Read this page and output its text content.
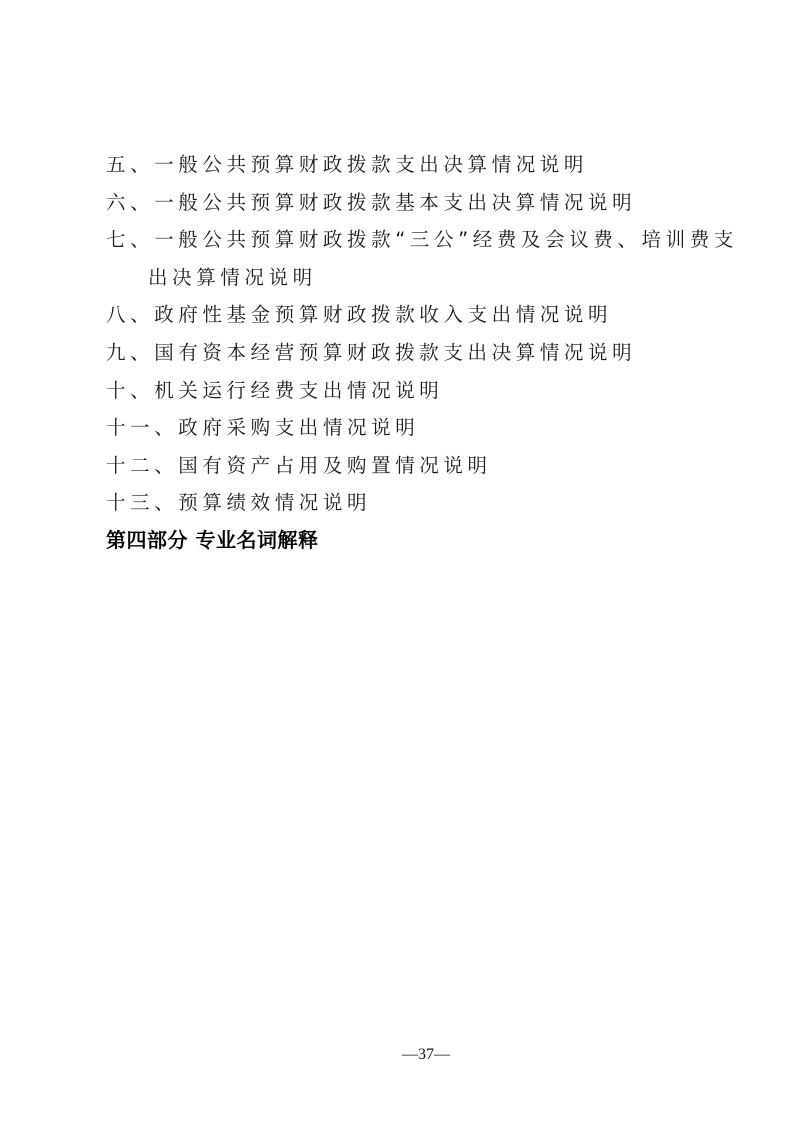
五、一般公共预算财政拨款支出决算情况说明
六、一般公共预算财政拨款基本支出决算情况说明
七、一般公共预算财政拨款“三公”经费及会议费、培训费支
出决算情况说明
八、政府性基金预算财政拨款收入支出情况说明
九、国有资本经营预算财政拨款支出决算情况说明
十、机关运行经费支出情况说明
十一、政府采购支出情况说明
十二、国有资产占用及购置情况说明
十三、预算绩效情况说明
第四部分 专业名词解释
—37—
